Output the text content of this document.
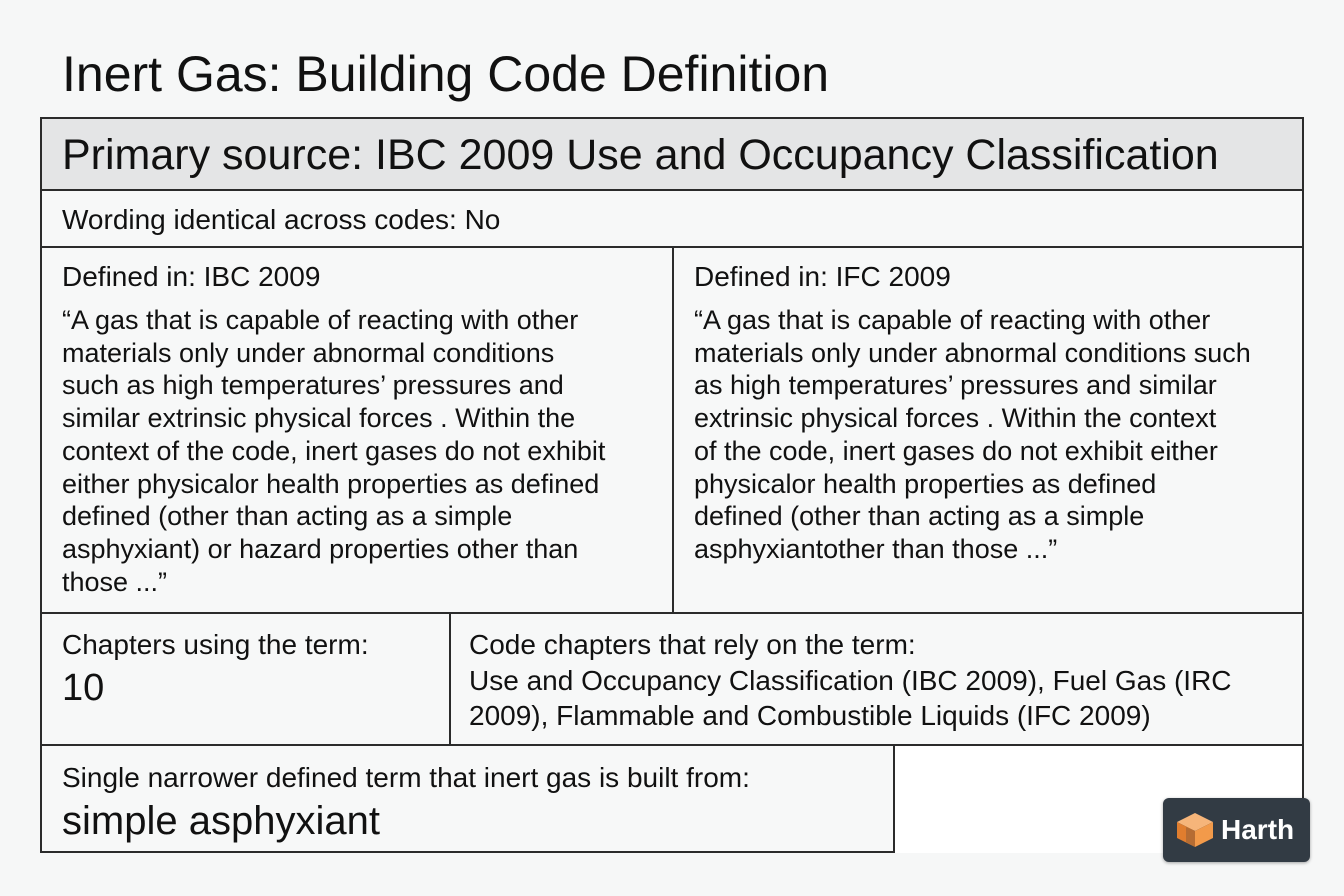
Inert Gas: Building Code Definition
Primary source: IBC 2009 Use and Occupancy Classification
Wording identical across codes: No
Defined in: IBC 2009

“A gas that is capable of reacting with other
materials only under abnormal conditions
such as high temperatures’ pressures and
similar extrinsic physical forces . Within the
context of the code, inert gases do not exhibit
either physicalor health properties as defined
defined (other than acting as a simple
asphyxiant) or hazard properties other than
those ...”

Defined in: IFC 2009

“A gas that is capable of reacting with other
materials only under abnormal conditions such
as high temperaturеѕ’ pressures and similar
extrinsic physical forces . Within the context
of the code, inert gases do not exhibit either
physicalor health properties as defined
defined (other than acting as a simple
asphyxiantother than those ...”

Chapters using the term:
10
Code chapters that rely on the term:
Use and Occupancy Classification (IBC 2009), Fuel Gas (IRC
2009), Flammable and Combustible Liquids (IFC 2009)
Single narrower defined term that inert gas is built from:
simple asphyxiant	Harth
